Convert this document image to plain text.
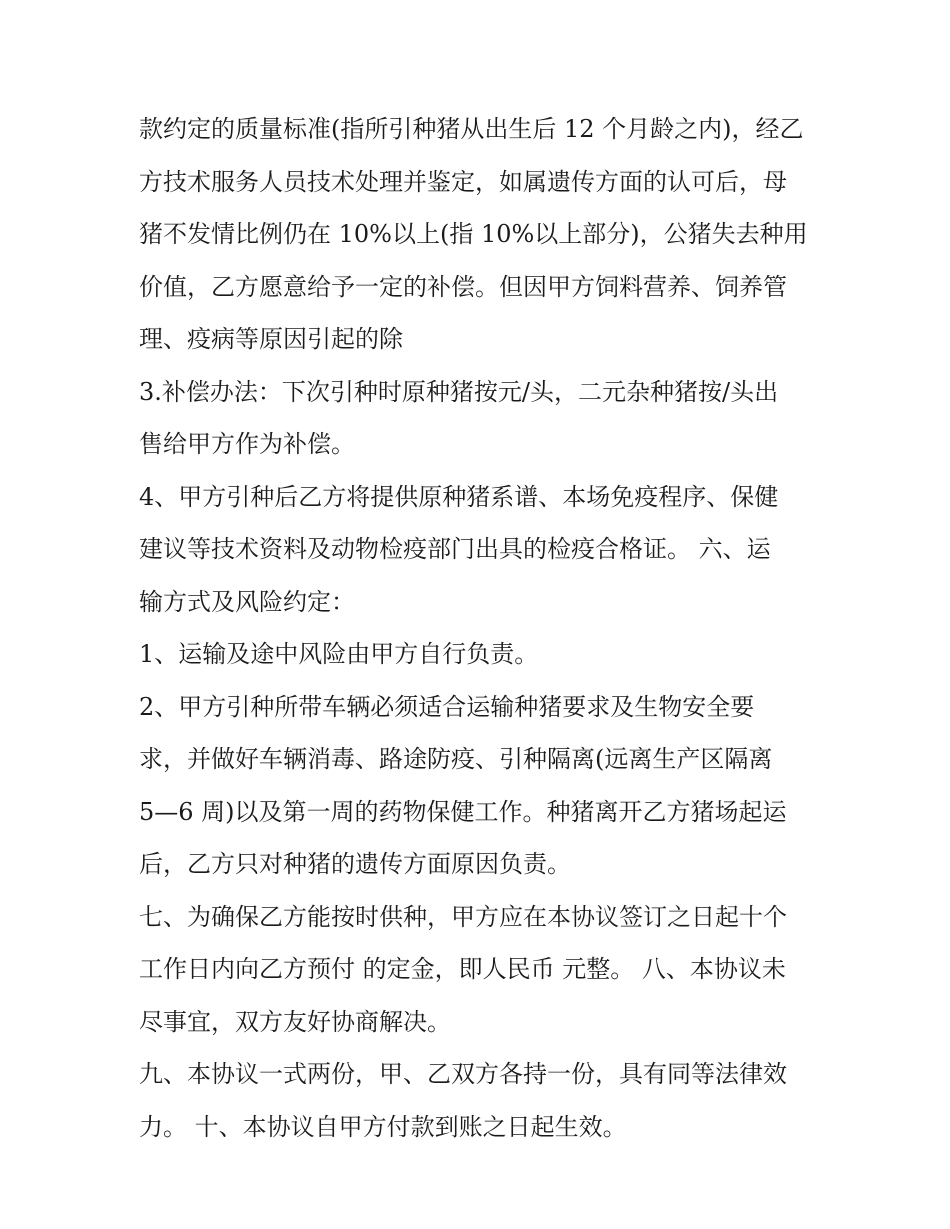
款约定的质量标准(指所引种猪从出生后 12 个月龄之内)，经乙
方技术服务人员技术处理并鉴定，如属遗传方面的认可后，母
猪不发情比例仍在 10%以上(指 10%以上部分)，公猪失去种用
价值，乙方愿意给予一定的补偿。但因甲方饲料营养、饲养管
理、疫病等原因引起的除
3.补偿办法：下次引种时原种猪按元/头，二元杂种猪按/头出
售给甲方作为补偿。
4、甲方引种后乙方将提供原种猪系谱、本场免疫程序、保健
建议等技术资料及动物检疫部门出具的检疫合格证。 六、运
输方式及风险约定：
1、运输及途中风险由甲方自行负责。
2、甲方引种所带车辆必须适合运输种猪要求及生物安全要
求，并做好车辆消毒、路途防疫、引种隔离(远离生产区隔离
5—6 周)以及第一周的药物保健工作。种猪离开乙方猪场起运
后，乙方只对种猪的遗传方面原因负责。
七、为确保乙方能按时供种，甲方应在本协议签订之日起十个
工作日内向乙方预付 的定金，即人民币 元整。 八、本协议未
尽事宜，双方友好协商解决。
九、本协议一式两份，甲、乙双方各持一份，具有同等法律效
力。 十、本协议自甲方付款到账之日起生效。
